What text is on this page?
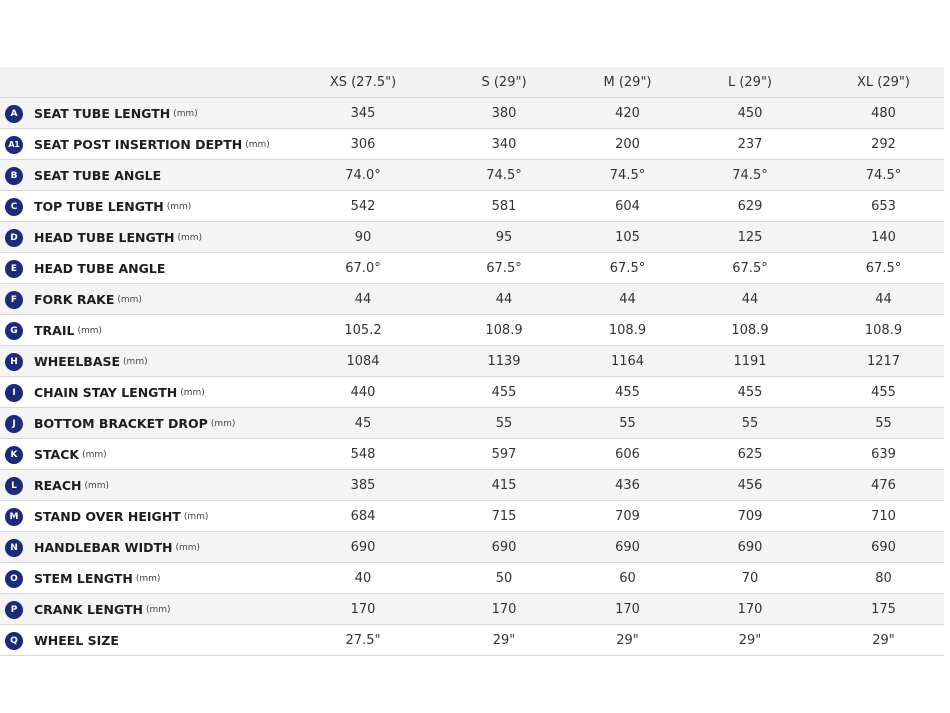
	XS (27.5")	S (29")	M (29")	L (29")	XL (29")
A SEAT TUBE LENGTH (mm)	345	380	420	450	480
A1 SEAT POST INSERTION DEPTH (mm)	306	340	200	237	292
B SEAT TUBE ANGLE	74.0°	74.5°	74.5°	74.5°	74.5°
C TOP TUBE LENGTH (mm)	542	581	604	629	653
D HEAD TUBE LENGTH (mm)	90	95	105	125	140
E HEAD TUBE ANGLE	67.0°	67.5°	67.5°	67.5°	67.5°
F FORK RAKE (mm)	44	44	44	44	44
G TRAIL (mm)	105.2	108.9	108.9	108.9	108.9
H WHEELBASE (mm)	1084	1139	1164	1191	1217
I CHAIN STAY LENGTH (mm)	440	455	455	455	455
J BOTTOM BRACKET DROP (mm)	45	55	55	55	55
K STACK (mm)	548	597	606	625	639
L REACH (mm)	385	415	436	456	476
M STAND OVER HEIGHT (mm)	684	715	709	709	710
N HANDLEBAR WIDTH (mm)	690	690	690	690	690
O STEM LENGTH (mm)	40	50	60	70	80
P CRANK LENGTH (mm)	170	170	170	170	175
Q WHEEL SIZE	27.5"	29"	29"	29"	29"
